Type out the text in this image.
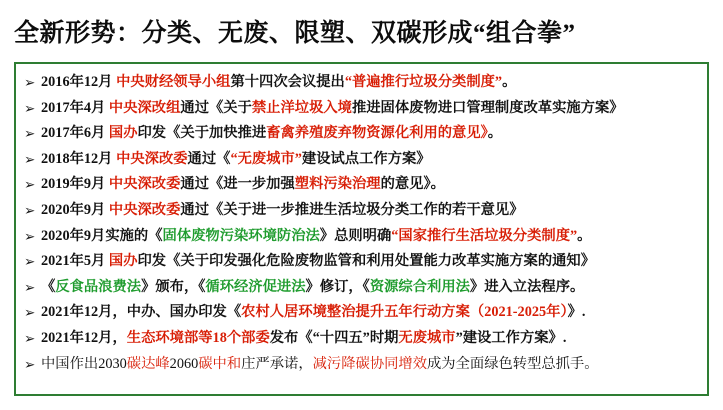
全新形势：分类、无废、限塑、双碳形成“组合拳”
➢ 2016年12月 中央财经领导小组第十四次会议提出“普遍推行垃圾分类制度”。
➢ 2017年4月 中央深改组通过《关于禁止洋垃圾入境推进固体废物进口管理制度改革实施方案》
➢ 2017年6月 国办印发《关于加快推进畜禽养殖废弃物资源化利用的意见》。
➢ 2018年12月 中央深改委通过《“无废城市”建设试点工作方案》
➢ 2019年9月 中央深改委通过《进一步加强塑料污染治理的意见》。
➢ 2020年9月 中央深改委通过《关于进一步推进生活垃圾分类工作的若干意见》
➢ 2020年9月实施的《固体废物污染环境防治法》总则明确“国家推行生活垃圾分类制度”。
➢ 2021年5月 国办印发《关于印发强化危险废物监管和利用处置能力改革实施方案的通知》
➢ 《反食品浪费法》颁布，《循环经济促进法》修订，《资源综合利用法》进入立法程序。
➢ 2021年12月，中办、国办印发《农村人居环境整治提升五年行动方案（2021-2025年）》.
➢ 2021年12月，生态环境部等18个部委发布《“十四五”时期无废城市”建设工作方案》.
➢ 中国作出2030碳达峰2060碳中和庄严承诺，减污降碳协同增效成为全面绿色转型总抓手。
